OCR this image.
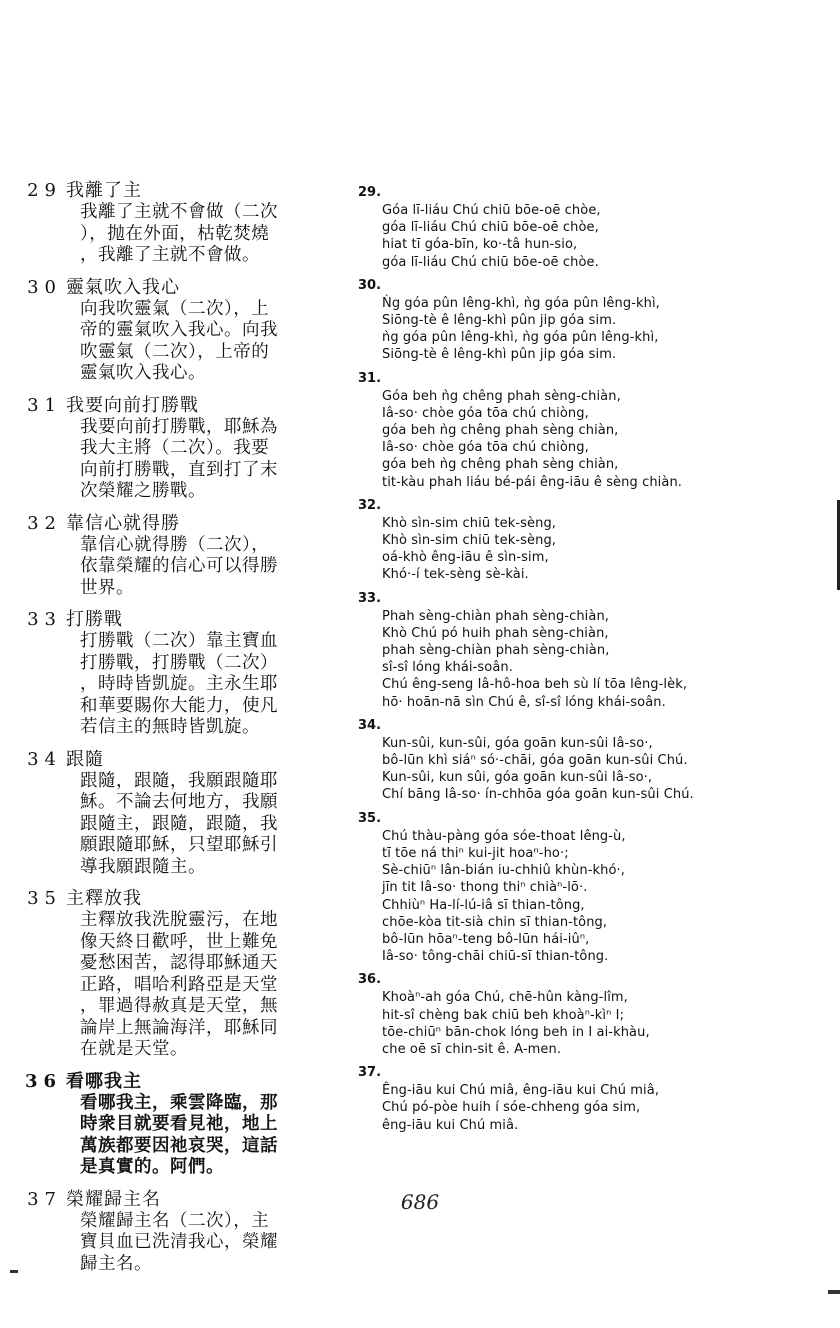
29 我離了主
我離了主就不會做（二次
），抛在外面，枯乾焚燒
，我離了主就不會做。
30 靈氣吹入我心
向我吹靈氣（二次），上
帝的靈氣吹入我心。向我
吹靈氣（二次），上帝的
靈氣吹入我心。
31 我要向前打勝戰
我要向前打勝戰，耶穌為
我大主將（二次）。我要
向前打勝戰，直到打了末
次榮耀之勝戰。
32 靠信心就得勝
靠信心就得勝（二次），
依靠榮耀的信心可以得勝
世界。
33 打勝戰
打勝戰（二次）靠主寶血
打勝戰，打勝戰（二次）
，時時皆凱旋。主永生耶
和華要賜你大能力，使凡
若信主的無時皆凱旋。
34 跟隨
跟隨，跟隨，我願跟隨耶
穌。不論去何地方，我願
跟隨主，跟隨，跟隨，我
願跟隨耶穌，只望耶穌引
導我願跟隨主。
35 主釋放我
主釋放我洗脫靈污，在地
像天終日歡呼，世上難免
憂愁困苦，認得耶穌通天
正路，唱哈利路亞是天堂
，罪過得赦真是天堂，無
論岸上無論海洋，耶穌同
在就是天堂。
36 看哪我主
看哪我主，乘雲降臨，那
時衆目就要看見祂，地上
萬族都要因祂哀哭，這話
是真實的。阿們。
37 榮耀歸主名
榮耀歸主名（二次），主
寶貝血已洗清我心，榮耀
歸主名。
29.
Góa lī-liáu Chú chiū bōe-oē chòe,
góa lī-liáu Chú chiū bōe-oē chòe,
hiat tī góa-bīn, ko·-tâ hun-sio,
góa lī-liáu Chú chiū bōe-oē chòe.
30.
Ǹg góa pûn lêng-khì, ǹg góa pûn lêng-khì,
Siōng-tè ê lêng-khì pûn jip góa sim.
ǹg góa pûn lêng-khì, ǹg góa pûn lêng-khì,
Siōng-tè ê lêng-khì pûn jip góa sim.
31.
Góa beh ǹg chêng phah sèng-chiàn,
Iâ-so· chòe góa tōa chú chiòng,
góa beh ǹg chêng phah sèng chiàn,
Iâ-so· chòe góa tōa chú chiòng,
góa beh ǹg chêng phah sèng chiàn,
tit-kàu phah liáu bé-pái êng-iāu ê sèng chiàn.
32.
Khò sìn-sim chiū tek-sèng,
Khò sìn-sim chiū tek-sèng,
oá-khò êng-iāu ê sìn-sim,
Khó·-í tek-sèng sè-kài.
33.
Phah sèng-chiàn phah sèng-chiàn,
Khò Chú pó huih phah sèng-chiàn,
phah sèng-chiàn phah sèng-chiàn,
sî-sî lóng khái-soân.
Chú êng-seng Iâ-hô-hoa beh sù lí tōa lêng-lèk,
hō· hoān-nā sìn Chú ê, sî-sî lóng khái-soân.
34.
Kun-sûi, kun-sûi, góa goān kun-sûi Iâ-so·,
bô-lūn khì siáⁿ só·-chāi, góa goān kun-sûi Chú.
Kun-sûi, kun sûi, góa goān kun-sûi Iâ-so·,
Chí bāng Iâ-so· ín-chhōa góa goān kun-sûi Chú.
35.
Chú thàu-pàng góa sóe-thoat lêng-ù,
tī tōe ná thiⁿ kui-jit hoaⁿ-ho·;
Sè-chiūⁿ lân-bián iu-chhiû khùn-khó·,
jīn tit Iâ-so· thong thiⁿ chiàⁿ-lō·.
Chhiùⁿ Ha-lí-lú-iâ sī thian-tông,
chōe-kòa tit-sià chin sī thian-tông,
bô-lūn hōaⁿ-teng bô-lūn hái-iûⁿ,
Iâ-so· tông-chāi chiū-sī thian-tông.
36.
Khoàⁿ-ah góa Chú, chē-hûn kàng-lîm,
hit-sî chèng bak chiū beh khoàⁿ-kìⁿ I;
tōe-chiūⁿ bān-chok lóng beh in I ai-khàu,
che oē sī chin-sit ê. A-men.
37.
Êng-iāu kui Chú miâ, êng-iāu kui Chú miâ,
Chú pó-pòe huih í sóe-chheng góa sim,
êng-iāu kui Chú miâ.
686
